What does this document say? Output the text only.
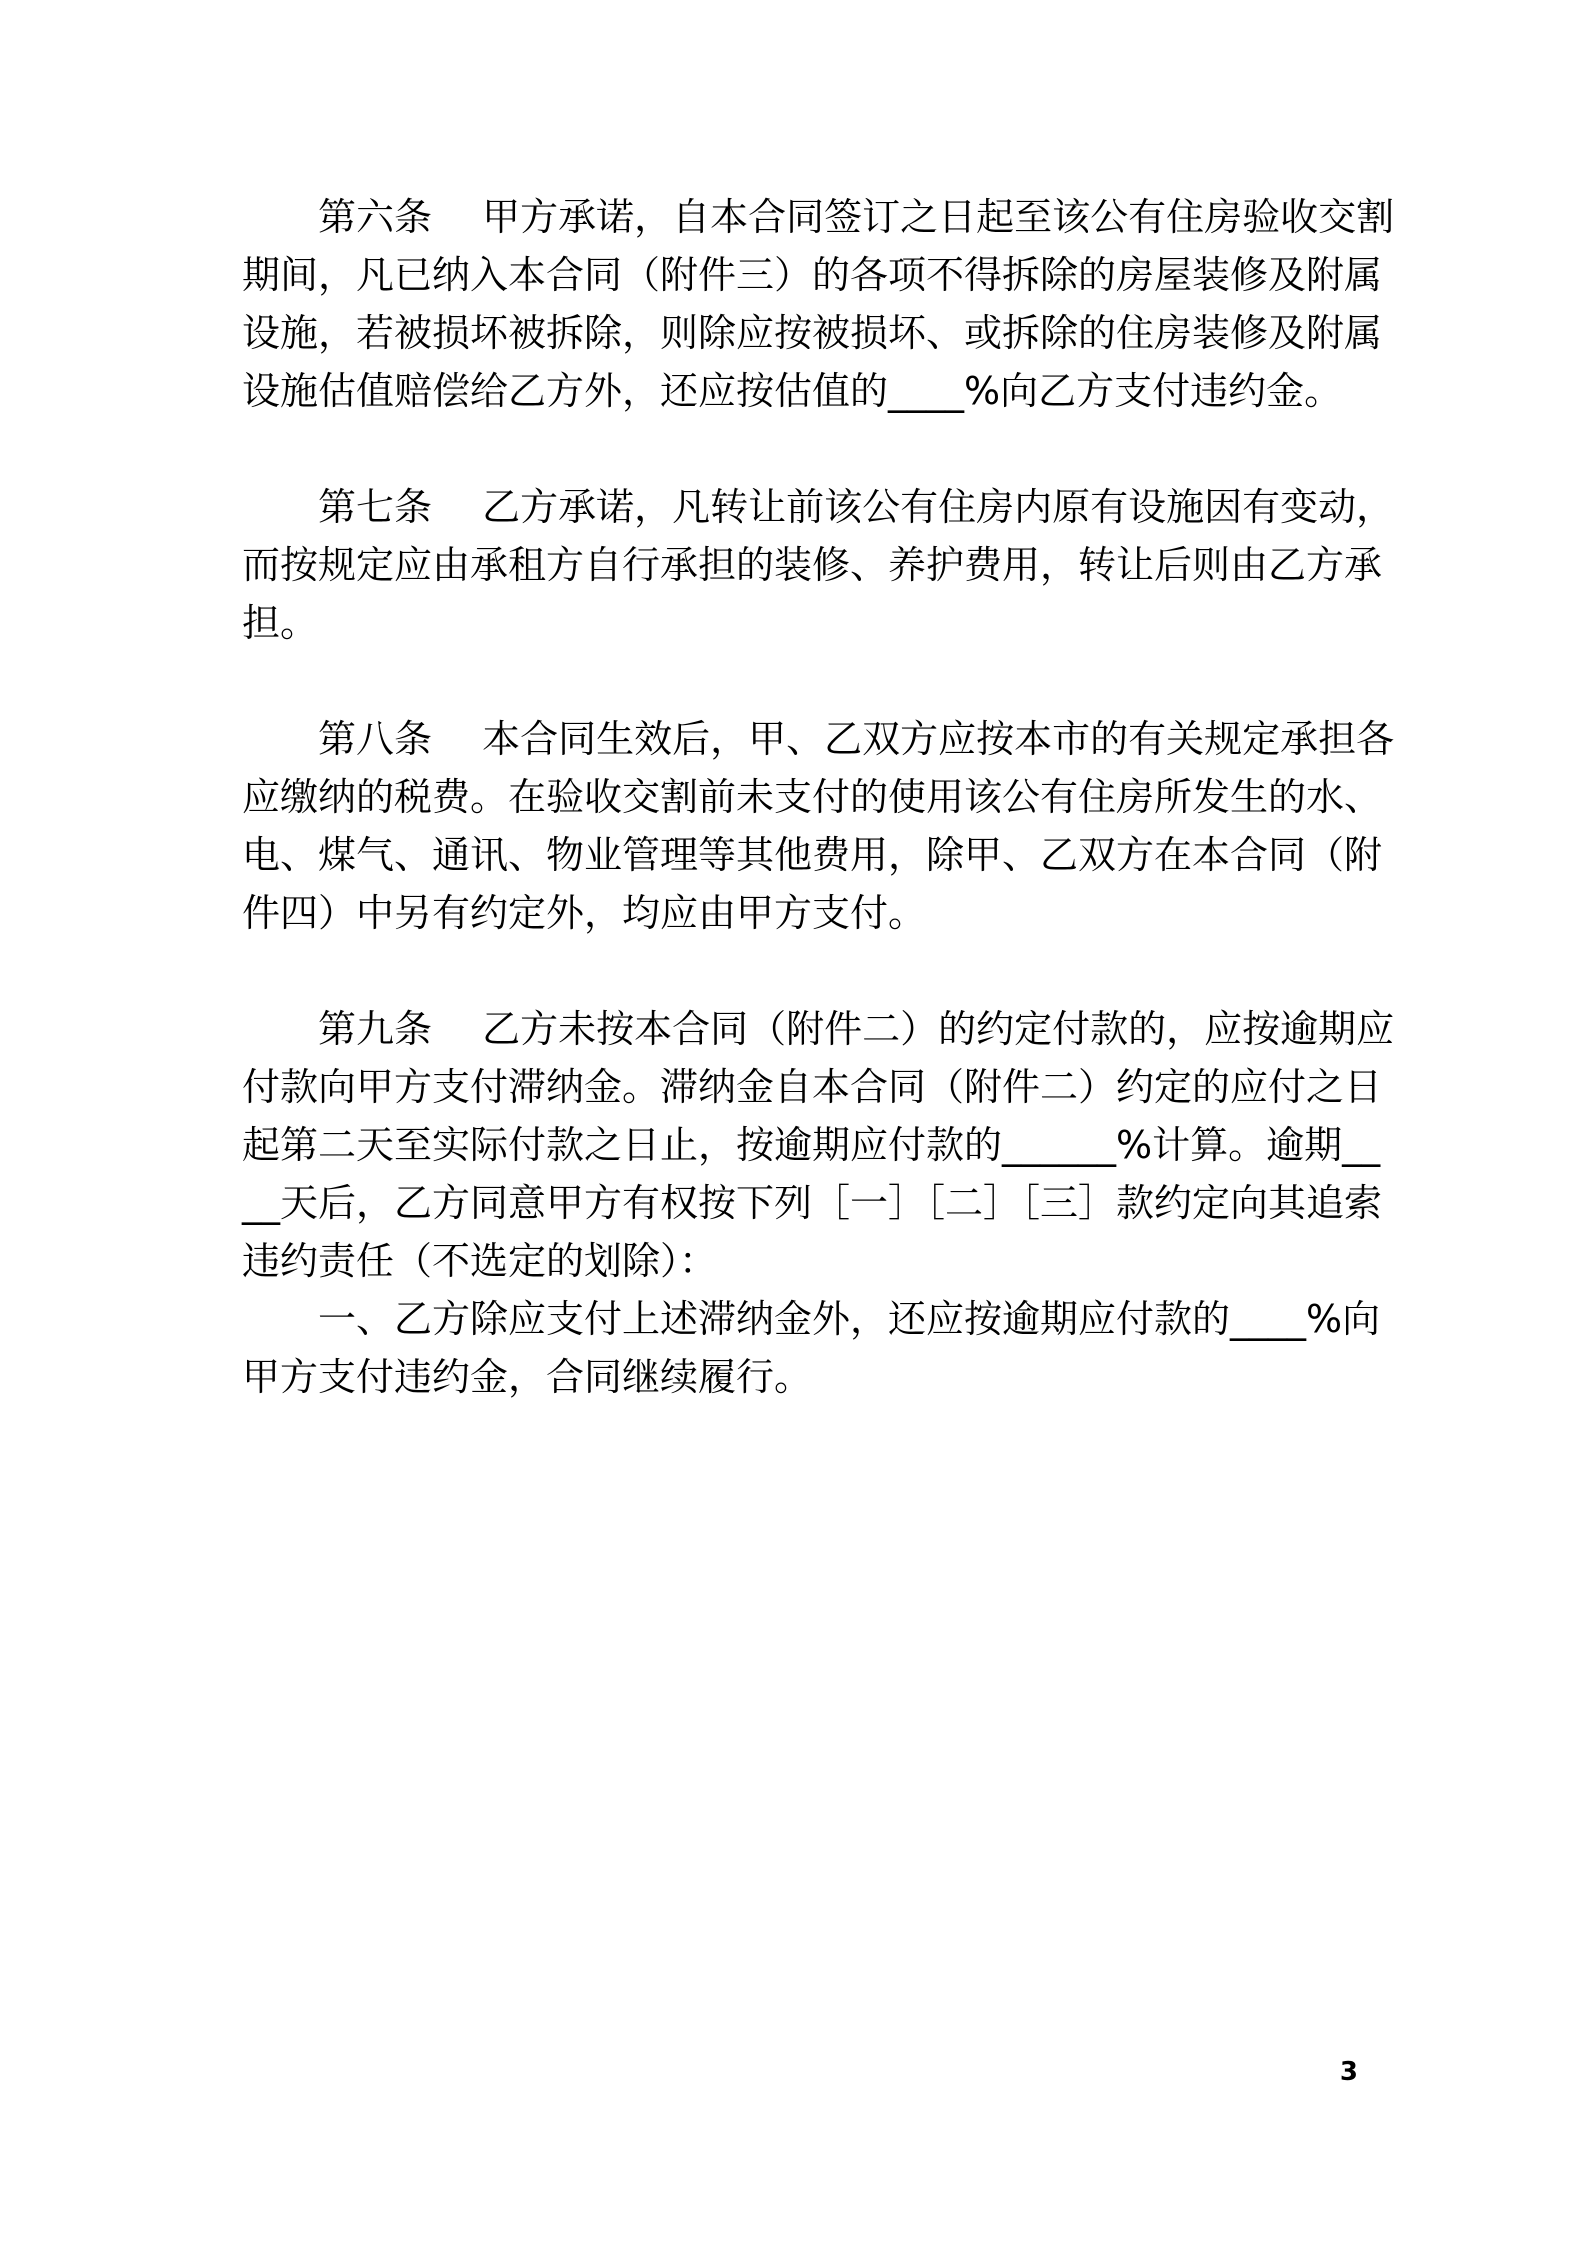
第六条　 甲方承诺，自本合同签订之日起至该公有住房验收交割
期间，凡已纳入本合同（附件三）的各项不得拆除的房屋装修及附属
设施，若被损坏被拆除，则除应按被损坏、或拆除的住房装修及附属
设施估值赔偿给乙方外，还应按估值的____%向乙方支付违约金。
第七条　 乙方承诺，凡转让前该公有住房内原有设施因有变动，
而按规定应由承租方自行承担的装修、养护费用，转让后则由乙方承
担。
第八条　 本合同生效后，甲、乙双方应按本市的有关规定承担各
应缴纳的税费。在验收交割前未支付的使用该公有住房所发生的水、
电、煤气、通讯、物业管理等其他费用，除甲、乙双方在本合同（附
件四）中另有约定外，均应由甲方支付。
第九条　 乙方未按本合同（附件二）的约定付款的，应按逾期应
付款向甲方支付滞纳金。滞纳金自本合同（附件二）约定的应付之日
起第二天至实际付款之日止，按逾期应付款的______%计算。逾期__
__天后，乙方同意甲方有权按下列［一］［二］［三］款约定向其追索
违约责任（不选定的划除）：
一、乙方除应支付上述滞纳金外，还应按逾期应付款的____%向
甲方支付违约金，合同继续履行。
3
